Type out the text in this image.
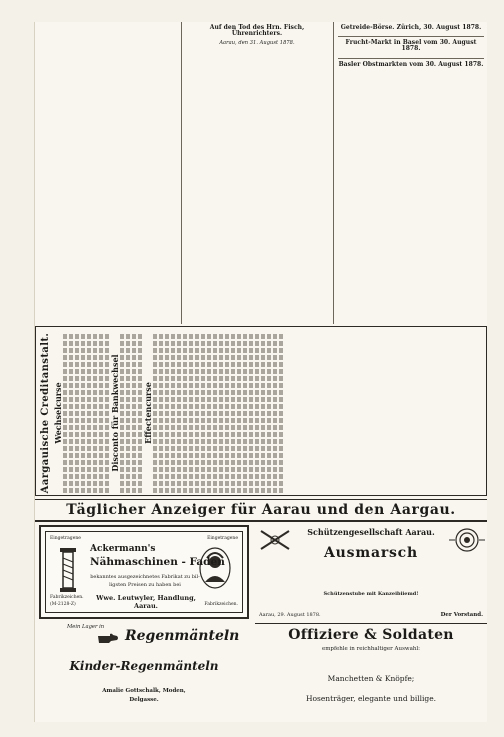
Auf den Tod des Hrn. Fisch, Ührenrichters.
Aarau, den 31. August 1878.
Getreide-Börse. Zürich, 30. August 1878.
Frucht-Markt in Basel vom 30. August 1878.
Basler Obstmarkten vom 30. August 1878.

Aargauische Creditanstalt. Wechselcurse	Disconto für Bankwechsel	Effectencurse
Täglicher Anzeiger für Aarau und den Aargau.
Eingetragene	Eingetragene
Ackermann's
Nähmaschinen - Faden
bekanntes ausgezeichnetes Fabrikat zu bil-
ligsten Preisen zu haben bei
Wwe. Leutwyler, Handlung, Aarau.
Fabrikzeichen.
(M-2128-Z)	Fabrikzeichen.
Mein Lager in
Regenmänteln
Kinder-Regenmänteln
Amalie Gottschalk, Moden,
Delgasse.
Schützengesellschaft Aarau.
Ausmarsch
Schützenstube mit Kanzeibiiemd!
Aarau, 29. August 1878.	Der Vorstand.
Offiziere & Soldaten
empfehle in reichhaltiger Auswahl:
Manchetten & Knöpfe;
Hosenträger, elegante und billige.
